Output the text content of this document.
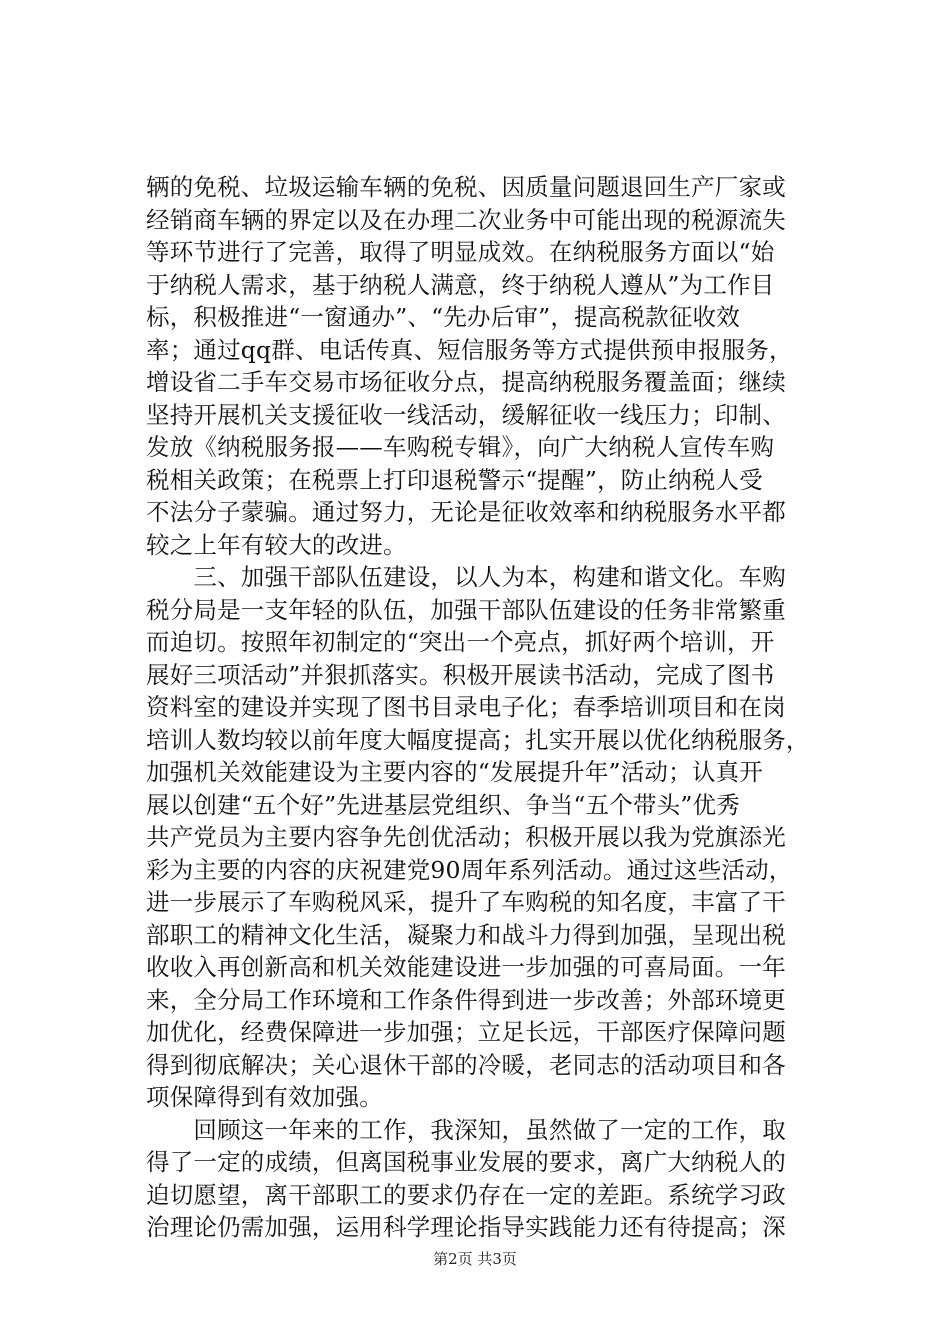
辆的免税、垃圾运输车辆的免税、因质量问题退回生产厂家或
经销商车辆的界定以及在办理二次业务中可能出现的税源流失
等环节进行了完善，取得了明显成效。在纳税服务方面以“始
于纳税人需求，基于纳税人满意，终于纳税人遵从”为工作目
标，积极推进“一窗通办”、“先办后审”，提高税款征收效
率；通过qq群、电话传真、短信服务等方式提供预申报服务，
增设省二手车交易市场征收分点，提高纳税服务覆盖面；继续
坚持开展机关支援征收一线活动，缓解征收一线压力；印制、
发放《纳税服务报——车购税专辑》，向广大纳税人宣传车购
税相关政策；在税票上打印退税警示“提醒”，防止纳税人受
不法分子蒙骗。通过努力，无论是征收效率和纳税服务水平都
较之上年有较大的改进。
　　三、加强干部队伍建设，以人为本，构建和谐文化。车购
税分局是一支年轻的队伍，加强干部队伍建设的任务非常繁重
而迫切。按照年初制定的“突出一个亮点，抓好两个培训，开
展好三项活动”并狠抓落实。积极开展读书活动，完成了图书
资料室的建设并实现了图书目录电子化；春季培训项目和在岗
培训人数均较以前年度大幅度提高；扎实开展以优化纳税服务，
加强机关效能建设为主要内容的“发展提升年”活动；认真开
展以创建“五个好”先进基层党组织、争当“五个带头”优秀
共产党员为主要内容争先创优活动；积极开展以我为党旗添光
彩为主要的内容的庆祝建党90周年系列活动。通过这些活动，
进一步展示了车购税风采，提升了车购税的知名度，丰富了干
部职工的精神文化生活，凝聚力和战斗力得到加强，呈现出税
收收入再创新高和机关效能建设进一步加强的可喜局面。一年
来，全分局工作环境和工作条件得到进一步改善；外部环境更
加优化，经费保障进一步加强；立足长远，干部医疗保障问题
得到彻底解决；关心退休干部的冷暖，老同志的活动项目和各
项保障得到有效加强。
　　回顾这一年来的工作，我深知，虽然做了一定的工作，取
得了一定的成绩，但离国税事业发展的要求，离广大纳税人的
迫切愿望，离干部职工的要求仍存在一定的差距。系统学习政
治理论仍需加强，运用科学理论指导实践能力还有待提高；深
第2页 共3页
